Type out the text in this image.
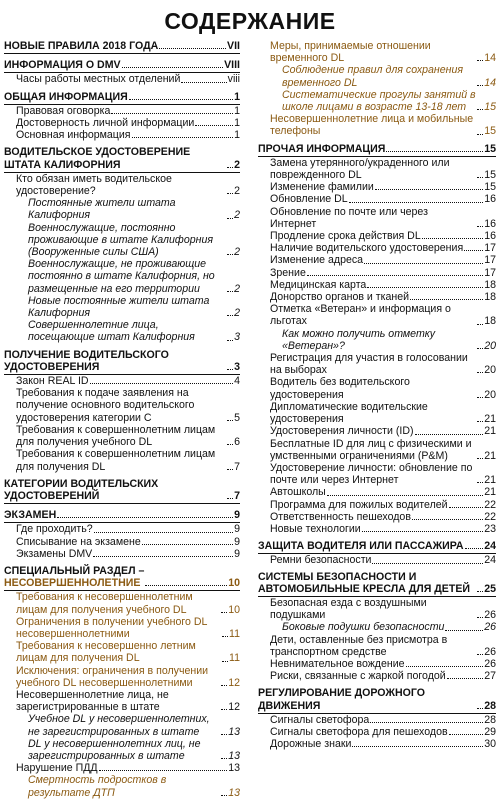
СОДЕРЖАНИЕ
НОВЫЕ ПРАВИЛА 2018 ГОДА	VII
ИНФОРМАЦИЯ О DMV	VIII
Часы работы местных отделений	viii
ОБЩАЯ ИНФОРМАЦИЯ	1
Правовая оговорка	1
Достоверность личной информации	1
Основная информация	1
ВОДИТЕЛЬСКОЕ УДОСТОВЕРЕНИЕ ШТАТА КАЛИФОРНИЯ	2
Кто обязан иметь водительское удостоверение?	2
Постоянные жители штата Калифорния	2
Военнослужащие, постоянно проживающие в штате Калифорния (Вооруженные силы США)	2
Военнослужащие, не проживающие постоянно в штате Калифорния, но размещенные на его территории	2
Новые постоянные жители штата Калифорния	2
Совершеннолетние лица, посещающие штат Калифорния	3
ПОЛУЧЕНИЕ ВОДИТЕЛЬСКОГО УДОСТОВЕРЕНИЯ	3
Закон REAL ID	4
Требования к подаче заявления на получение основного водительского удостоверения категории C	5
Требования к совершеннолетним лицам для получения учебного DL	6
Требования к совершеннолетним лицам для получения DL	7
КАТЕГОРИИ ВОДИТЕЛЬСКИХ УДОСТОВЕРЕНИЙ	7
ЭКЗАМЕН	9
Где проходить?	9
Списывание на экзамене	9
Экзамены DMV	9
СПЕЦИАЛЬНЫЙ РАЗДЕЛ –
НЕСОВЕРШЕННОЛЕТНИЕ	10
Требования к несовершеннолетним лицам для получения учебного DL	10
Ограничения в получении учебного DL несовершеннолетними	11
Требования к несовершенно летним лицам для получения DL	11
Исключения: ограничения в получении учебного DL несовершеннолетними	12
Несовершеннолетние лица, не зарегистрированные в штате	12
Учебное DL у несовершеннолетних, не зарегистрированных в штате	13
DL у несовершеннолетних лиц, не зарегистрированных в штате	13
Нарушение ПДД	13
Смертность подростков в результате ДТП	13
Меры, принимаемые отношении временного DL	14
Соблюдение правил для сохранения временного DL	14
Систематические прогулы занятий в школе лицами в возрасте 13-18 лет	15
Несовершеннолетние лица и мобильные телефоны	15
ПРОЧАЯ ИНФОРМАЦИЯ	15
Замена утерянного/украденного или поврежденного DL	15
Изменение фамилии	15
Обновление DL	16
Обновление по почте или через Интернет	16
Продление срока действия DL	16
Наличие водительского удостоверения 17
Изменение адреса	17
Зрение	17
Медицинская карта	18
Донорство органов и тканей	18
Отметка «Ветеран» и информация о льготах	18
Как можно получить отметку «Ветеран»?	20
Регистрация для участия в голосовании на выборах	20
Водитель без водительского удостоверения	20
Дипломатические водительские удостоверения	21
Удостоверения личности (ID)	21
Бесплатные ID для лиц с физическими и умственными ограничениями (P&M)	21
Удостоверение личности: обновление по почте или через Интернет	21
Автошколы	21
Программа для пожилых водителей	22
Ответственность пешеходов	22
Новые технологии	23
ЗАЩИТА ВОДИТЕЛЯ ИЛИ ПАССАЖИРА 24
Ремни безопасности	24
СИСТЕМЫ БЕЗОПАСНОСТИ И АВТОМОБИЛЬНЫЕ КРЕСЛА ДЛЯ ДЕТЕЙ	25
Безопасная езда с воздушными подушками	26
Боковые подушки безопасности	26
Дети, оставленные без присмотра в транспортном средстве	26
Невнимательное вождение	26
Риски, связанные с жаркой погодой	27
РЕГУЛИРОВАНИЕ ДОРОЖНОГО ДВИЖЕНИЯ	28
Сигналы светофора	28
Сигналы светофора для пешеходов	29
Дорожные знаки	30
